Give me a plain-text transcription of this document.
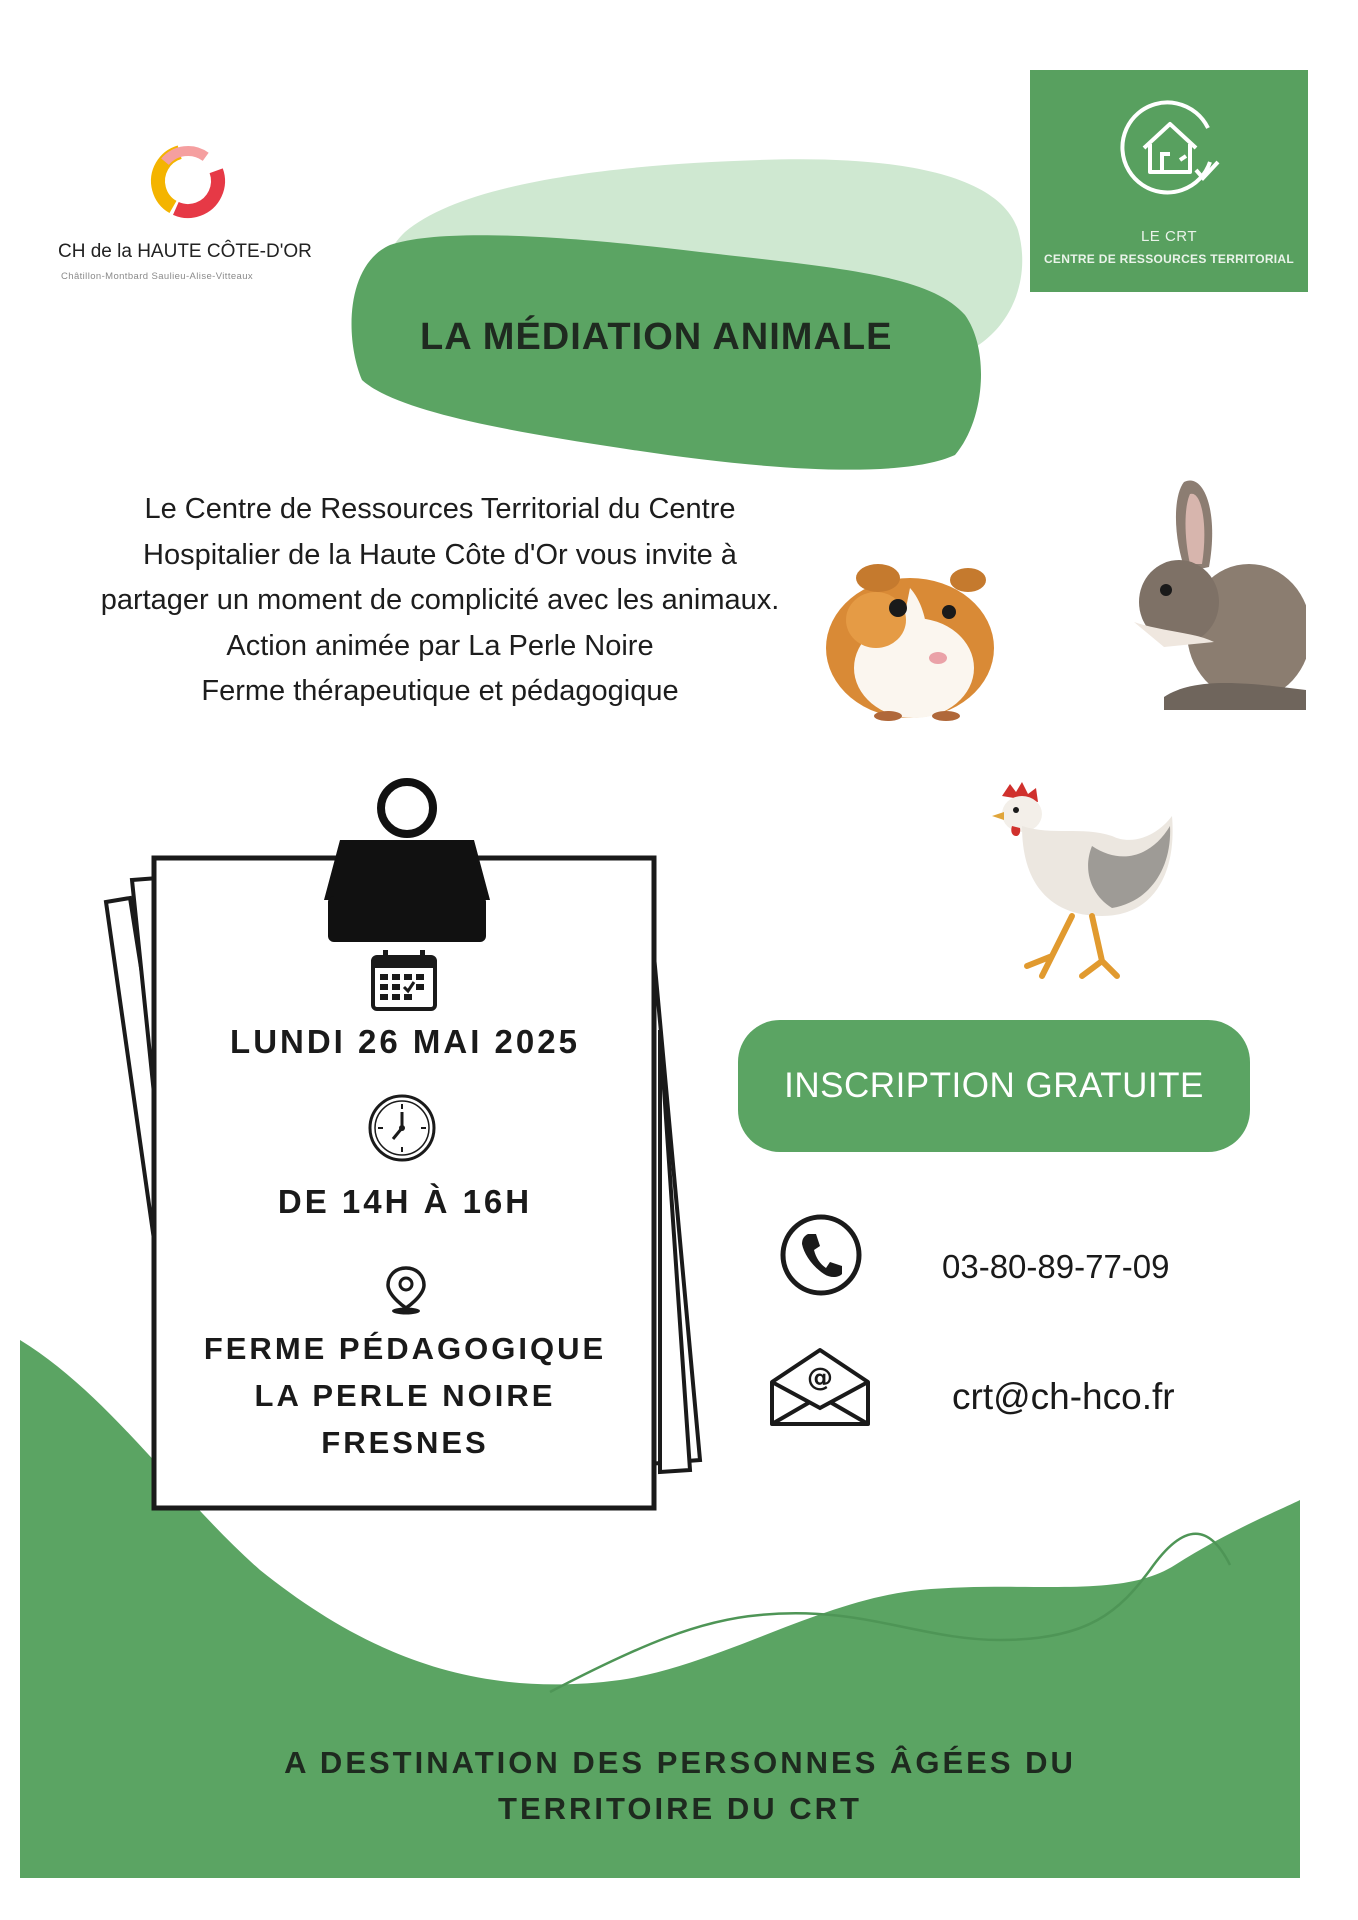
CH de la HAUTE CÔTE-D'OR
Châtillon-Montbard Saulieu-Alise-Vitteaux
LE CRT
CENTRE DE RESSOURCES TERRITORIAL
LA MÉDIATION ANIMALE

Le Centre de Ressources Territorial du Centre Hospitalier de la Haute Côte d'Or vous invite à partager un moment de complicité avec les animaux.

Action animée par La Perle Noire

Ferme thérapeutique et pédagogique

LUNDI 26 MAI 2025
DE 14H À 16H
FERME PÉDAGOGIQUE
LA PERLE NOIRE
FRESNES
INSCRIPTION GRATUITE
03-80-89-77-09
@	crt@ch-hco.fr
A DESTINATION DES PERSONNES ÂGÉES DU
TERRITOIRE DU CRT
